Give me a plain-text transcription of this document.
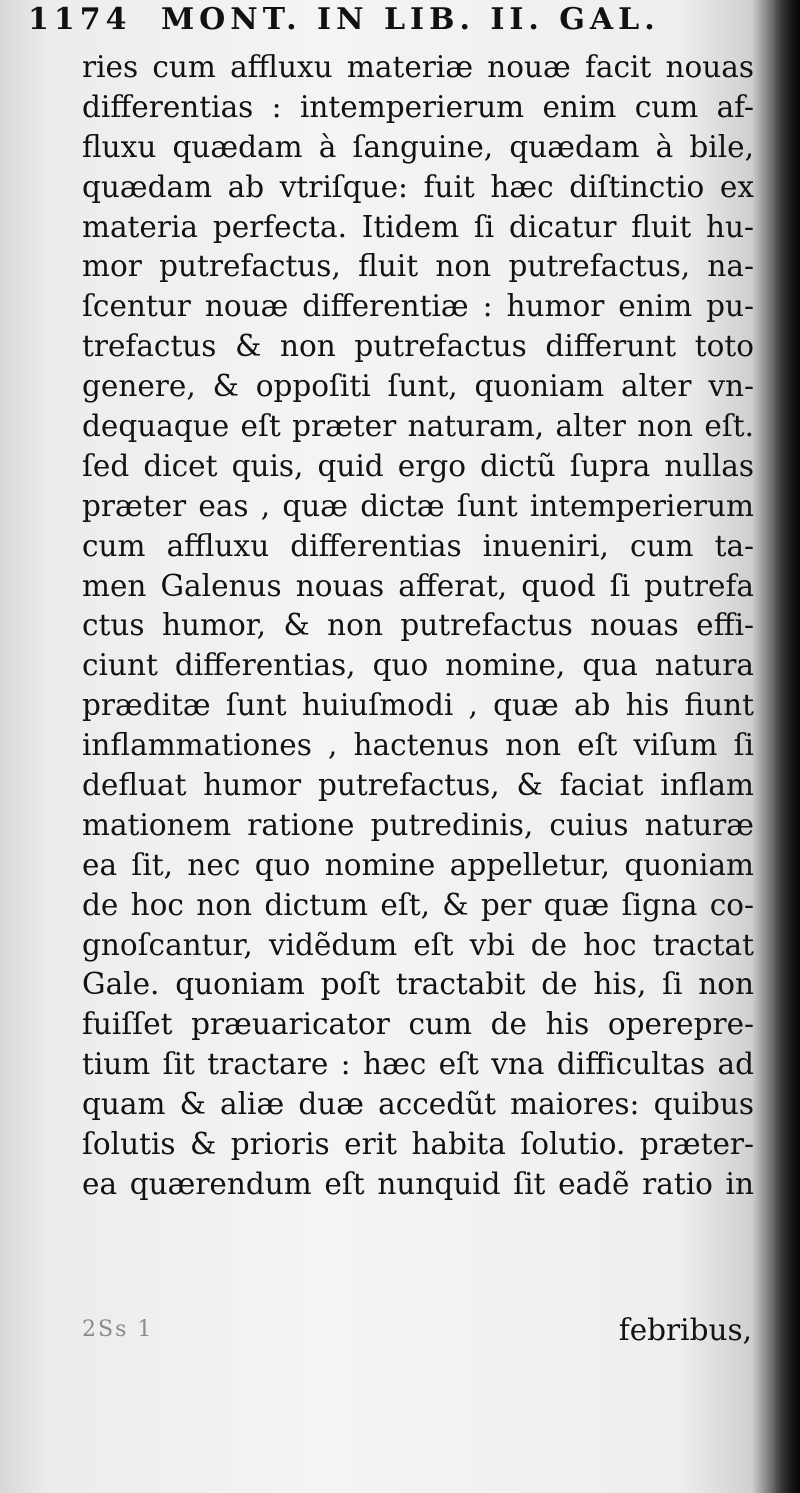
1174 MONT. IN LIB. II. GAL.
ries cum affluxu materiæ nouæ facit nouas
differentias : intemperierum enim cum af-
fluxu quædam à ſanguine, quædam à bile,
quædam ab vtriſque: fuit hæc diſtinctio ex
materia perfecta. Itidem ſi dicatur fluit hu-
mor putrefactus, fluit non putrefactus, na-
ſcentur nouæ differentiæ : humor enim pu-
trefactus & non putrefactus differunt toto
genere, & oppoſiti ſunt, quoniam alter vn-
dequaque eſt præter naturam, alter non eſt.
ſed dicet quis, quid ergo dictũ ſupra nullas
præter eas , quæ dictæ ſunt intemperierum
cum affluxu differentias inueniri, cum ta-
men Galenus nouas afferat, quod ſi putrefa
ctus humor, & non putrefactus nouas effi-
ciunt differentias, quo nomine, qua natura
præditæ ſunt huiuſmodi , quæ ab his fiunt
inflammationes , hactenus non eſt viſum ſi
defluat humor putrefactus, & faciat inflam
mationem ratione putredinis, cuius naturæ
ea ſit, nec quo nomine appelletur, quoniam
de hoc non dictum eſt, & per quæ ſigna co-
gnoſcantur, vidẽdum eſt vbi de hoc tractat
Gale. quoniam poſt tractabit de his, ſi non
fuiſſet præuaricator cum de his operepre-
tium ſit tractare : hæc eſt vna difficultas ad
quam & aliæ duæ accedũt maiores: quibus
ſolutis & prioris erit habita ſolutio. præter-
ea quærendum eſt nunquid ſit eadẽ ratio in
2Ss 1	febribus,
